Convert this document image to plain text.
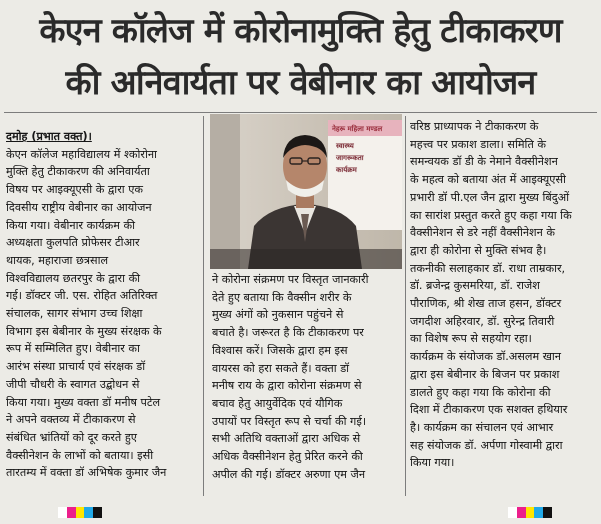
केएन कॉलेज में कोरोनामुक्ति हेतु टीकाकरण
की अनिवार्यता पर वेबीनार का आयोजन
दमोह (प्रभात वक्त)।
केएन कॉलेज महाविद्यालय में श्कोरोना
मुक्ति हेतु टीकाकरण की अनिवार्यता
विषय पर आइक्यूएसी के द्वारा एक
दिवसीय राष्ट्रीय वेबीनार का आयोजन
किया गया। वेबीनार कार्यक्रम की
अध्यक्षता कुलपति प्रोफेसर टीआर
थायक, महाराजा छत्रसाल
विश्वविद्यालय छतरपुर के द्वारा की
गई। डॉक्टर जी. एस. रोहित अतिरिक्त
संचालक, सागर संभाग उच्च शिक्षा
विभाग इस बेबीनार के मुख्य संरक्षक के
रूप में सम्मिलित हुए। वेबीनार का
आरंभ संस्था प्राचार्य एवं संरक्षक डॉ
जीपी चौधरी के स्वागत उद्बोधन से
किया गया। मुख्य वक्ता डॉ मनीष पटेल
ने अपने वक्तव्य में टीकाकरण से
संबंधित भ्रांतियों को दूर करते हुए
वैक्सीनेशन के लाभों को बताया। इसी
तारतम्य में वक्ता डॉ अभिषेक कुमार जैन
नेहरू महिला मण्डल
स्वास्थ्य
जागरूकता
कार्यक्रम
ने कोरोना संक्रमण पर विस्तृत जानकारी
देते हुए बताया कि वैक्सीन शरीर के
मुख्य अंगों को नुकसान पहुंचने से
बचाते है। जरूरत है कि टीकाकरण पर
विश्वास करें। जिसके द्वारा हम इस
वायरस को हरा सकते हैं। वक्ता डॉ
मनीष राय के द्वारा कोरोना संक्रमण से
बचाव हेतु आयुर्वेदिक एवं यौगिक
उपायों पर विस्तृत रूप से चर्चा की गई।
सभी अतिथि वक्ताओं द्वारा अधिक से
अधिक वैक्सीनेशन हेतु प्रेरित करने की
अपील की गई। डॉक्टर अरुणा एम जैन
वरिष्ठ प्राध्यापक ने टीकाकरण के
महत्त्व पर प्रकाश डाला। समिति के
समन्वयक डॉ डी के नेमाने वैक्सीनेशन
के महत्व को बताया अंत में आइक्यूएसी
प्रभारी डॉ पी.एल जैन द्वारा मुख्य बिंदुओं
का सारांश प्रस्तुत करते हुए कहा गया कि
वैक्सीनेशन से डरे नहीं वैक्सीनेशन के
द्वारा ही कोरोना से मुक्ति संभव है।
तकनीकी सलाहकार डॉ. राधा ताम्रकार,
डॉ. ब्रजेन्द्र कुसमरिया, डॉ. राजेश
पौराणिक, श्री शेख ताज हसन, डॉक्टर
जगदीश अहिरवार, डॉ. सुरेन्द्र तिवारी
का विशेष रूप से सहयोग रहा।
कार्यक्रम के संयोजक डॉ.असलम खान
द्वारा इस बेबीनार के बिजन पर प्रकाश
डालते हुए कहा गया कि कोरोना की
दिशा में टीकाकरण एक सशक्त हथियार
है। कार्यक्रम का संचालन एवं आभार
सह संयोजक डॉ. अर्पणा गोस्वामी द्वारा
किया गया।
